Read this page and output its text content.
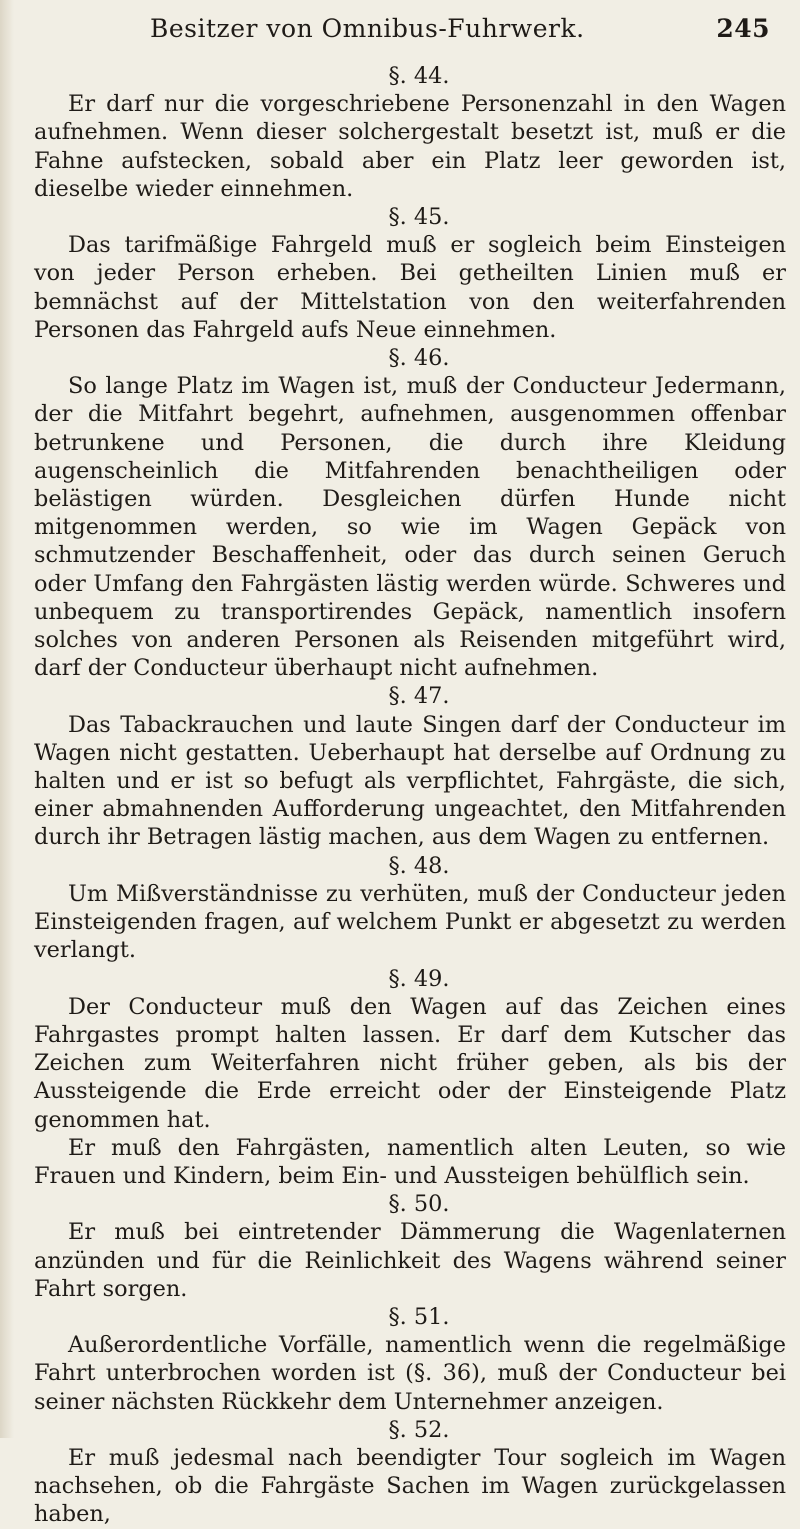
Besitzer von Omnibus-Fuhrwerk.	245
§. 44.

Er darf nur die vorgeschriebene Personenzahl in den Wagen aufnehmen. Wenn dieser solchergestalt besetzt ist, muß er die Fahne aufstecken, sobald aber ein Platz leer geworden ist, dieselbe wieder einnehmen.

§. 45.

Das tarifmäßige Fahrgeld muß er sogleich beim Einsteigen von jeder Person erheben. Bei getheilten Linien muß er bemnächst auf der Mittelstation von den weiterfahrenden Personen das Fahrgeld aufs Neue einnehmen.

§. 46.

So lange Platz im Wagen ist, muß der Conducteur Jedermann, der die Mitfahrt begehrt, aufnehmen, ausgenommen offenbar betrunkene und Personen, die durch ihre Kleidung augenscheinlich die Mitfahrenden benachtheiligen oder belästigen würden. Desgleichen dürfen Hunde nicht mitgenommen werden, so wie im Wagen Gepäck von schmutzender Beschaffenheit, oder das durch seinen Geruch oder Umfang den Fahrgästen lästig werden würde. Schweres und unbequem zu transportirendes Gepäck, namentlich insofern solches von anderen Personen als Reisenden mitgeführt wird, darf der Conducteur überhaupt nicht aufnehmen.

§. 47.

Das Tabackrauchen und laute Singen darf der Conducteur im Wagen nicht gestatten. Ueberhaupt hat derselbe auf Ordnung zu halten und er ist so befugt als verpflichtet, Fahrgäste, die sich, einer abmahnenden Aufforderung ungeachtet, den Mitfahrenden durch ihr Betragen lästig machen, aus dem Wagen zu entfernen.

§. 48.

Um Mißverständnisse zu verhüten, muß der Conducteur jeden Einsteigenden fragen, auf welchem Punkt er abgesetzt zu werden verlangt.

§. 49.

Der Conducteur muß den Wagen auf das Zeichen eines Fahrgastes prompt halten lassen. Er darf dem Kutscher das Zeichen zum Weiterfahren nicht früher geben, als bis der Aussteigende die Erde erreicht oder der Einsteigende Platz genommen hat.

Er muß den Fahrgästen, namentlich alten Leuten, so wie Frauen und Kindern, beim Ein- und Aussteigen behülflich sein.

§. 50.

Er muß bei eintretender Dämmerung die Wagenlaternen anzünden und für die Reinlichkeit des Wagens während seiner Fahrt sorgen.

§. 51.

Außerordentliche Vorfälle, namentlich wenn die regelmäßige Fahrt unterbrochen worden ist (§. 36), muß der Conducteur bei seiner nächsten Rückkehr dem Unternehmer anzeigen.

§. 52.

Er muß jedesmal nach beendigter Tour sogleich im Wagen nachsehen, ob die Fahrgäste Sachen im Wagen zurückgelassen haben,
